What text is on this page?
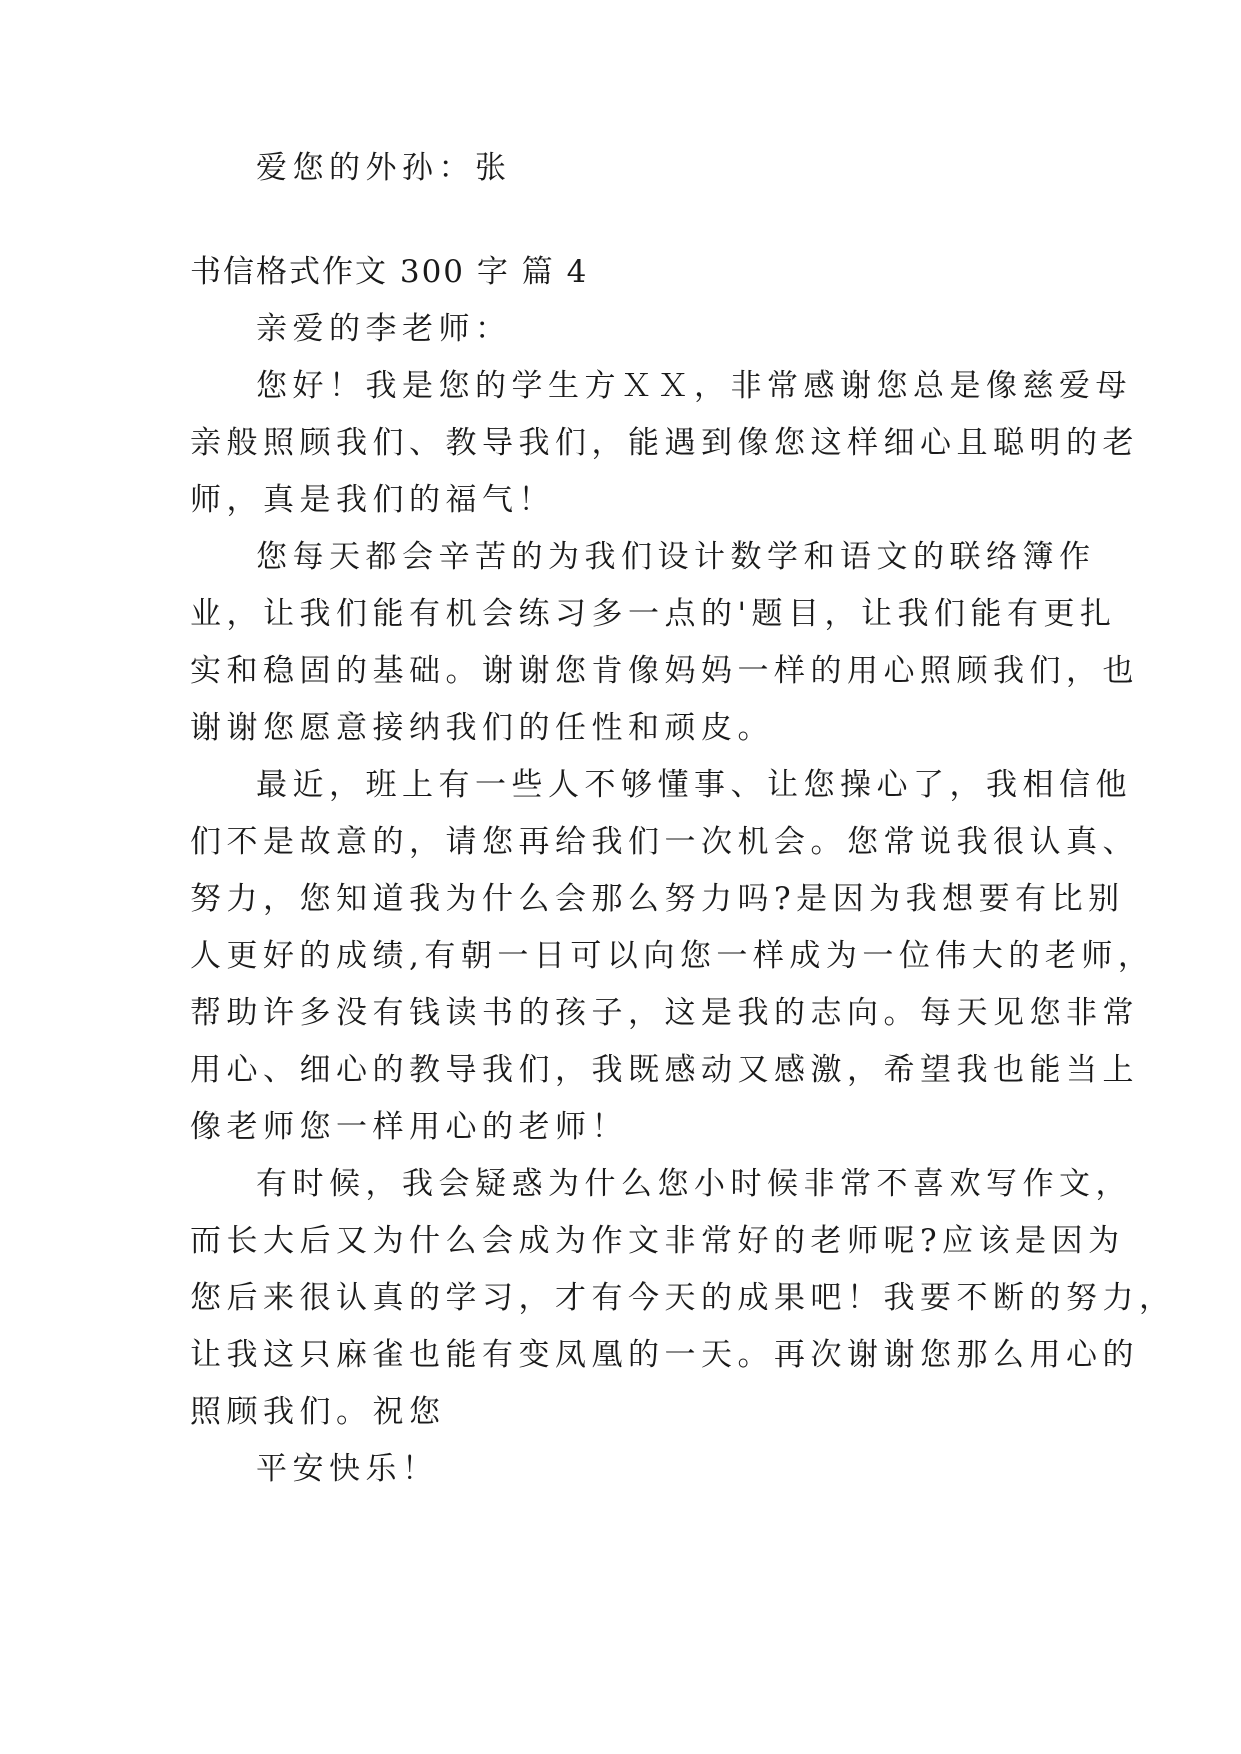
爱您的外孙：张
书信格式作文 300 字 篇 4
亲爱的李老师：
您好！我是您的学生方ＸＸ，非常感谢您总是像慈爱母
亲般照顾我们、教导我们，能遇到像您这样细心且聪明的老
师，真是我们的福气！
您每天都会辛苦的为我们设计数学和语文的联络簿作
业，让我们能有机会练习多一点的'题目，让我们能有更扎
实和稳固的基础。谢谢您肯像妈妈一样的用心照顾我们，也
谢谢您愿意接纳我们的任性和顽皮。
最近，班上有一些人不够懂事、让您操心了，我相信他
们不是故意的，请您再给我们一次机会。您常说我很认真、
努力，您知道我为什么会那么努力吗?是因为我想要有比别
人更好的成绩,有朝一日可以向您一样成为一位伟大的老师，
帮助许多没有钱读书的孩子，这是我的志向。每天见您非常
用心、细心的教导我们，我既感动又感激，希望我也能当上
像老师您一样用心的老师！
有时候，我会疑惑为什么您小时候非常不喜欢写作文，
而长大后又为什么会成为作文非常好的老师呢?应该是因为
您后来很认真的学习，才有今天的成果吧！我要不断的努力，
让我这只麻雀也能有变凤凰的一天。再次谢谢您那么用心的
照顾我们。祝您
平安快乐！
